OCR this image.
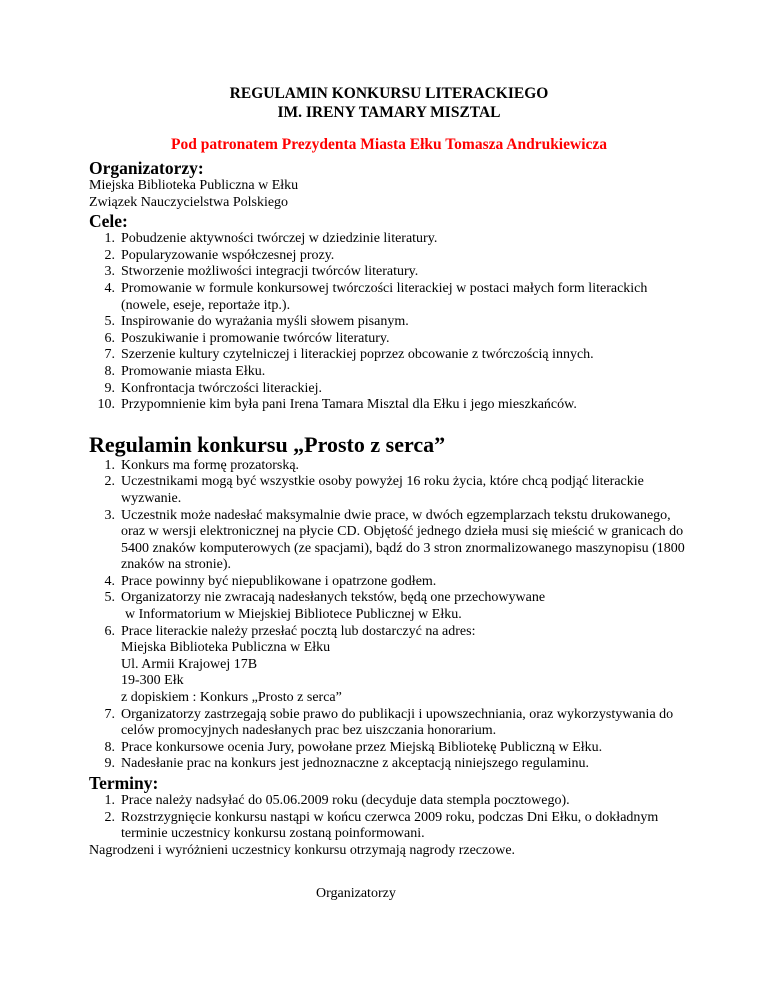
REGULAMIN KONKURSU LITERACKIEGO

IM. IRENY TAMARY MISZTAL

Pod patronatem Prezydenta Miasta Ełku Tomasza Andrukiewicza

Organizatorzy:

Miejska Biblioteka Publiczna w Ełku

Związek Nauczycielstwa Polskiego

Cele:

1. Pobudzenie aktywności twórczej w dziedzinie literatury.
2. Popularyzowanie współczesnej prozy.
3. Stworzenie możliwości integracji twórców literatury.
4. Promowanie w formule konkursowej twórczości literackiej w postaci małych form literackich (nowele, eseje, reportaże itp.).
5. Inspirowanie do wyrażania myśli słowem pisanym.
6. Poszukiwanie i promowanie twórców literatury.
7. Szerzenie kultury czytelniczej i literackiej poprzez obcowanie z twórczością innych.
8. Promowanie miasta Ełku.
9. Konfrontacja twórczości literackiej.
10. Przypomnienie kim była pani Irena Tamara Misztal dla Ełku i jego mieszkańców.

Regulamin konkursu „Prosto z serca”

1. Konkurs ma formę prozatorską.
2. Uczestnikami mogą być wszystkie osoby powyżej 16 roku życia, które chcą podjąć literackie wyzwanie.
3. Uczestnik może nadesłać maksymalnie dwie prace, w dwóch egzemplarzach tekstu drukowanego, oraz w wersji elektronicznej na płycie CD. Objętość jednego dzieła musi się mieścić w granicach do 5400 znaków komputerowych (ze spacjami), bądź do 3 stron znormalizowanego maszynopisu (1800 znaków na stronie).
4. Prace powinny być niepublikowane i opatrzone godłem.
5. Organizatorzy nie zwracają nadesłanych tekstów, będą one przechowywane
w Informatorium w Miejskiej Bibliotece Publicznej w Ełku.
6. Prace literackie należy przesłać pocztą lub dostarczyć na adres:
Miejska Biblioteka Publiczna w Ełku
Ul. Armii Krajowej 17B
19-300 Ełk
z dopiskiem : Konkurs „Prosto z serca”
7. Organizatorzy zastrzegają sobie prawo do publikacji i upowszechniania, oraz wykorzystywania do celów promocyjnych nadesłanych prac bez uiszczania honorarium.
8. Prace konkursowe ocenia Jury, powołane przez Miejską Bibliotekę Publiczną w Ełku.
9. Nadesłanie prac na konkurs jest jednoznaczne z akceptacją niniejszego regulaminu.

Terminy:

1. Prace należy nadsyłać do 05.06.2009 roku (decyduje data stempla pocztowego).
2. Rozstrzygnięcie konkursu nastąpi w końcu czerwca 2009 roku, podczas Dni Ełku, o dokładnym terminie uczestnicy konkursu zostaną poinformowani.

Nagrodzeni i wyróżnieni uczestnicy konkursu otrzymają nagrody rzeczowe.

Organizatorzy
